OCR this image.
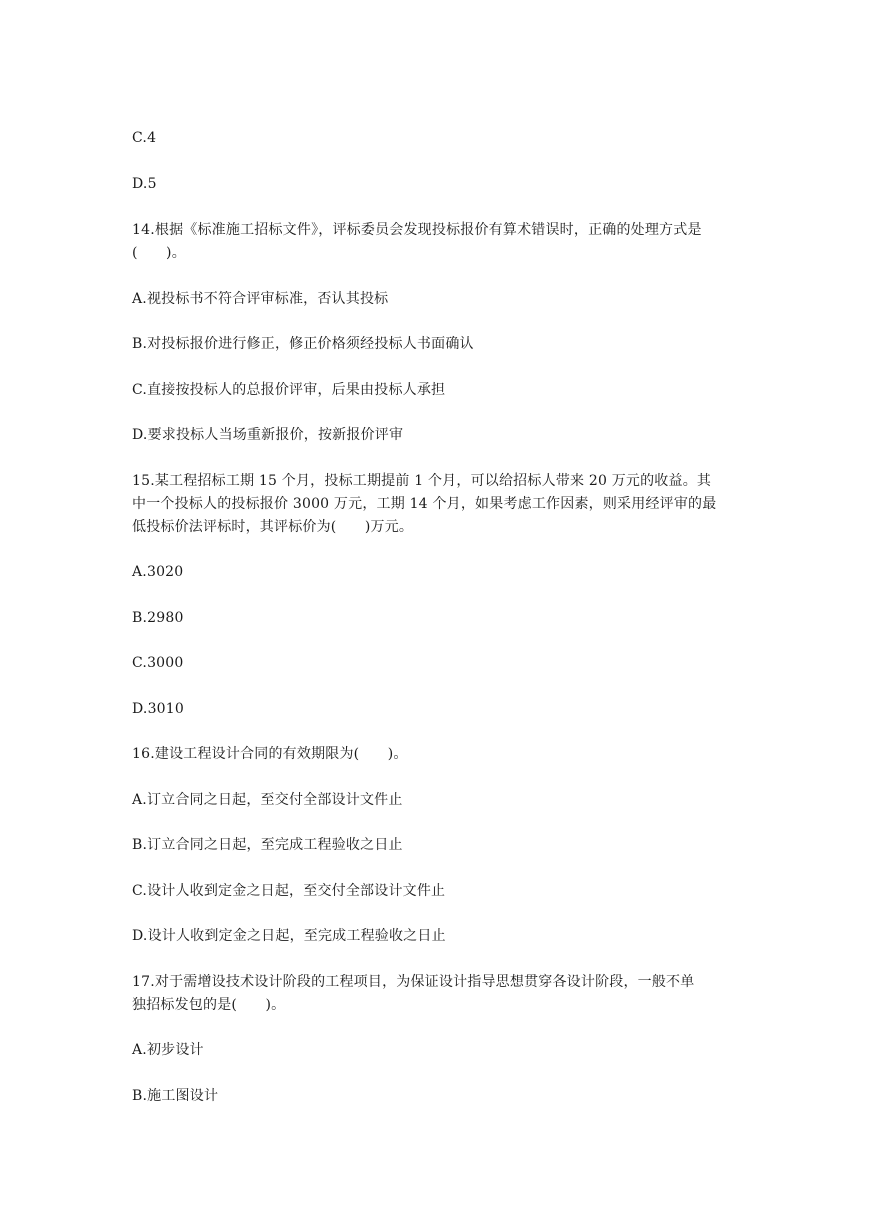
C.4
D.5
14.根据《标准施工招标文件》，评标委员会发现投标报价有算术错误时，正确的处理方式是
(　　)。
A.视投标书不符合评审标准，否认其投标
B.对投标报价进行修正，修正价格须经投标人书面确认
C.直接按投标人的总报价评审，后果由投标人承担
D.要求投标人当场重新报价，按新报价评审
15.某工程招标工期 15 个月，投标工期提前 1 个月，可以给招标人带来 20 万元的收益。其
中一个投标人的投标报价 3000 万元，工期 14 个月，如果考虑工作因素，则采用经评审的最
低投标价法评标时，其评标价为(　　)万元。
A.3020
B.2980
C.3000
D.3010
16.建设工程设计合同的有效期限为(　　)。
A.订立合同之日起，至交付全部设计文件止
B.订立合同之日起，至完成工程验收之日止
C.设计人收到定金之日起，至交付全部设计文件止
D.设计人收到定金之日起，至完成工程验收之日止
17.对于需增设技术设计阶段的工程项目，为保证设计指导思想贯穿各设计阶段，一般不单
独招标发包的是(　　)。
A.初步设计
B.施工图设计
